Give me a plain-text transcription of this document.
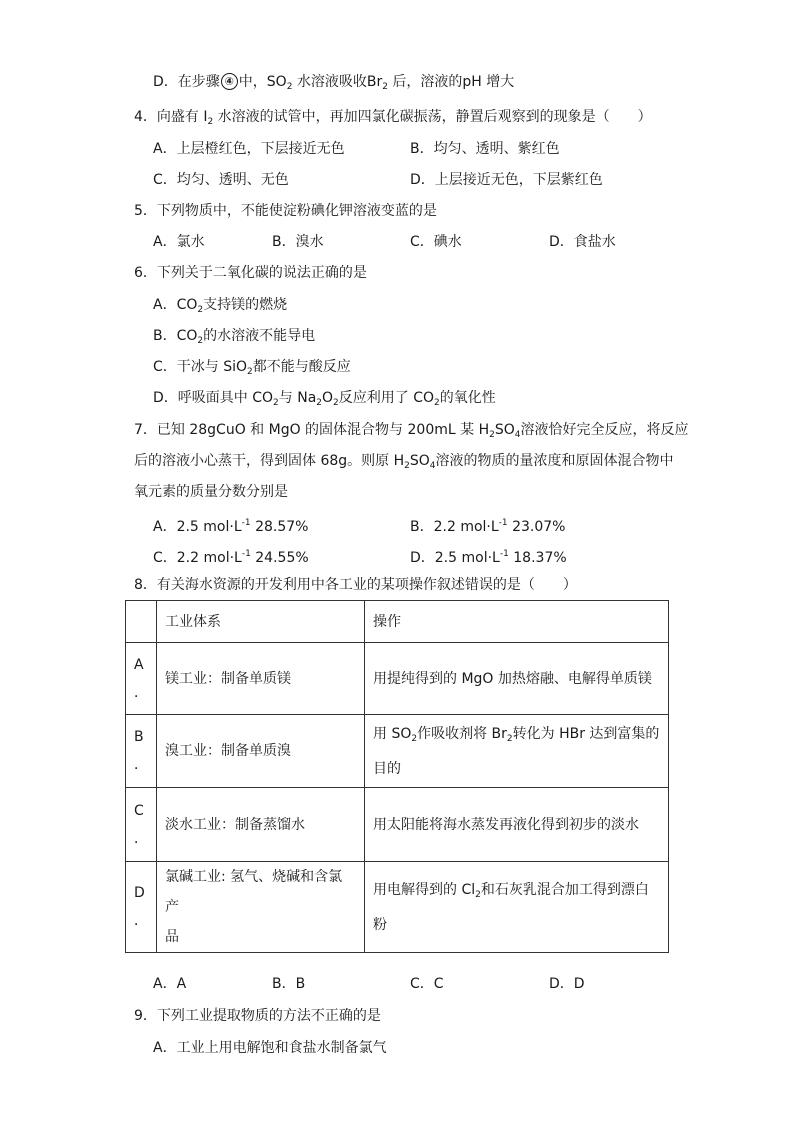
D．在步骤 ④ 中，$SO_2$ 水溶液吸收$Br_2$ 后，溶液的pH 增大
4．向盛有 $I_2$ 水溶液的试管中，再加四氯化碳振荡，静置后观察到的现象是（　　）
A．上层橙红色，下层接近无色	B．均匀、透明、紫红色
C．均匀、透明、无色	D．上层接近无色，下层紫红色
5．下列物质中，不能使淀粉碘化钾溶液变蓝的是
A．氯水	B．溴水	C．碘水	D．食盐水
6．下列关于二氧化碳的说法正确的是
A．$CO_2$支持镁的燃烧
B．$CO_2$的水溶液不能导电
C．干冰与 SiO$_2$都不能与酸反应
D．呼吸面具中 $CO_2$与 $Na_2O_2$反应利用了 $CO_2$的氧化性
7．已知 28gCuO 和 MgO 的固体混合物与 200mL 某 $H_2SO_4$溶液恰好完全反应，将反应
后的溶液小心蒸干，得到固体 68g。则原 $H_2SO_4$溶液的物质的量浓度和原固体混合物中
氧元素的质量分数分别是
A．2.5 $mol\cdot L^{-1}$ 28.57%	B．2.2 $mol\cdot L^{-1}$ 23.07%
C．2.2 $mol\cdot L^{-1}$ 24.55%	D．2.5 $mol\cdot L^{-1}$ 18.37%
8．有关海水资源的开发利用中各工业的某项操作叙述错误的是（　　）
	工业体系	操作

A
．	镁工业：制备单质镁	用提纯得到的 MgO 加热熔融、电解得单质镁

B
．	溴工业：制备单质溴	用 $SO_2$作吸收剂将 $Br_2$转化为 HBr 达到富集的
目的

C
．	淡水工业：制备蒸馏水	用太阳能将海水蒸发再液化得到初步的淡水

D
．	氯碱工业: 氢气、烧碱和含氯产
品	用电解得到的 $Cl_2$和石灰乳混合加工得到漂白
粉
A．A	B．B	C．C	D．D
9．下列工业提取物质的方法不正确的是
A．工业上用电解饱和食盐水制备氯气
